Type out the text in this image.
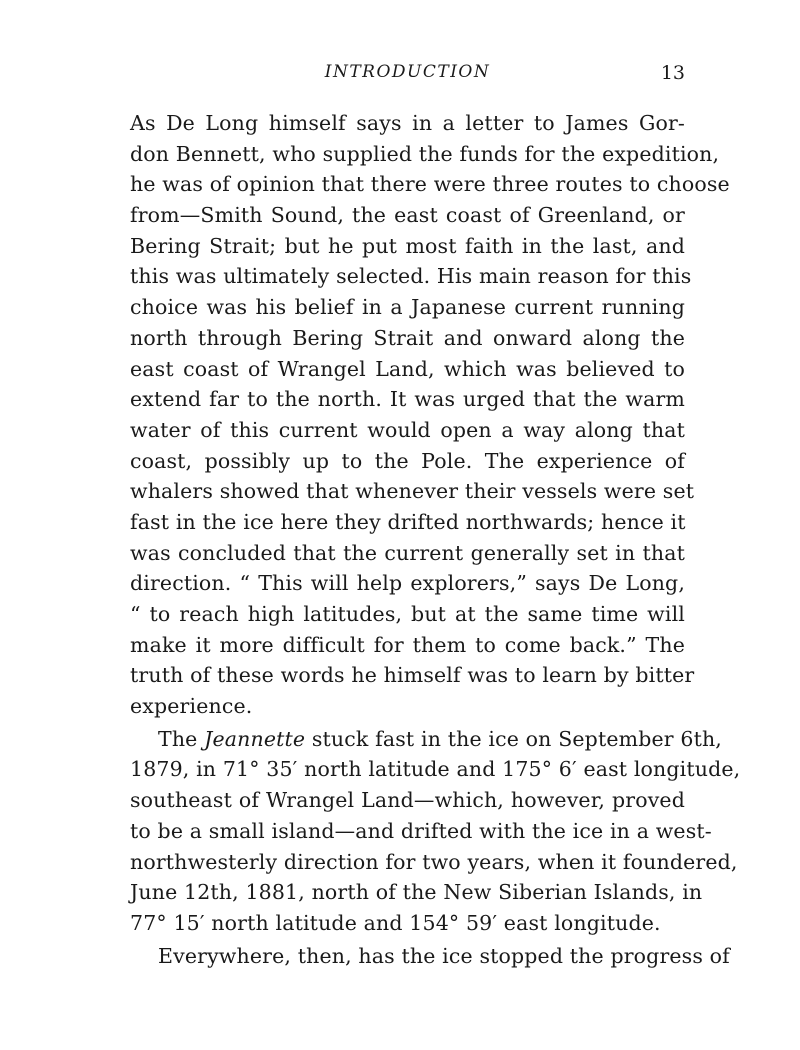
INTRODUCTION	13
As De Long himself says in a letter to James Gor-
don Bennett, who supplied the funds for the expedition,
he was of opinion that there were three routes to choose
from—Smith Sound, the east coast of Greenland, or
Bering Strait; but he put most faith in the last, and
this was ultimately selected. His main reason for this
choice was his belief in a Japanese current running
north through Bering Strait and onward along the
east coast of Wrangel Land, which was believed to
extend far to the north. It was urged that the warm
water of this current would open a way along that
coast, possibly up to the Pole. The experience of
whalers showed that whenever their vessels were set
fast in the ice here they drifted northwards; hence it
was concluded that the current generally set in that
direction. “ This will help explorers,” says De Long,
“ to reach high latitudes, but at the same time will
make it more difficult for them to come back.” The
truth of these words he himself was to learn by bitter
experience.
The Jeannette stuck fast in the ice on September 6th,
1879, in 71° 35′ north latitude and 175° 6′ east longitude,
southeast of Wrangel Land—which, however, proved
to be a small island—and drifted with the ice in a west-
northwesterly direction for two years, when it foundered,
June 12th, 1881, north of the New Siberian Islands, in
77° 15′ north latitude and 154° 59′ east longitude.
Everywhere, then, has the ice stopped the progress of
